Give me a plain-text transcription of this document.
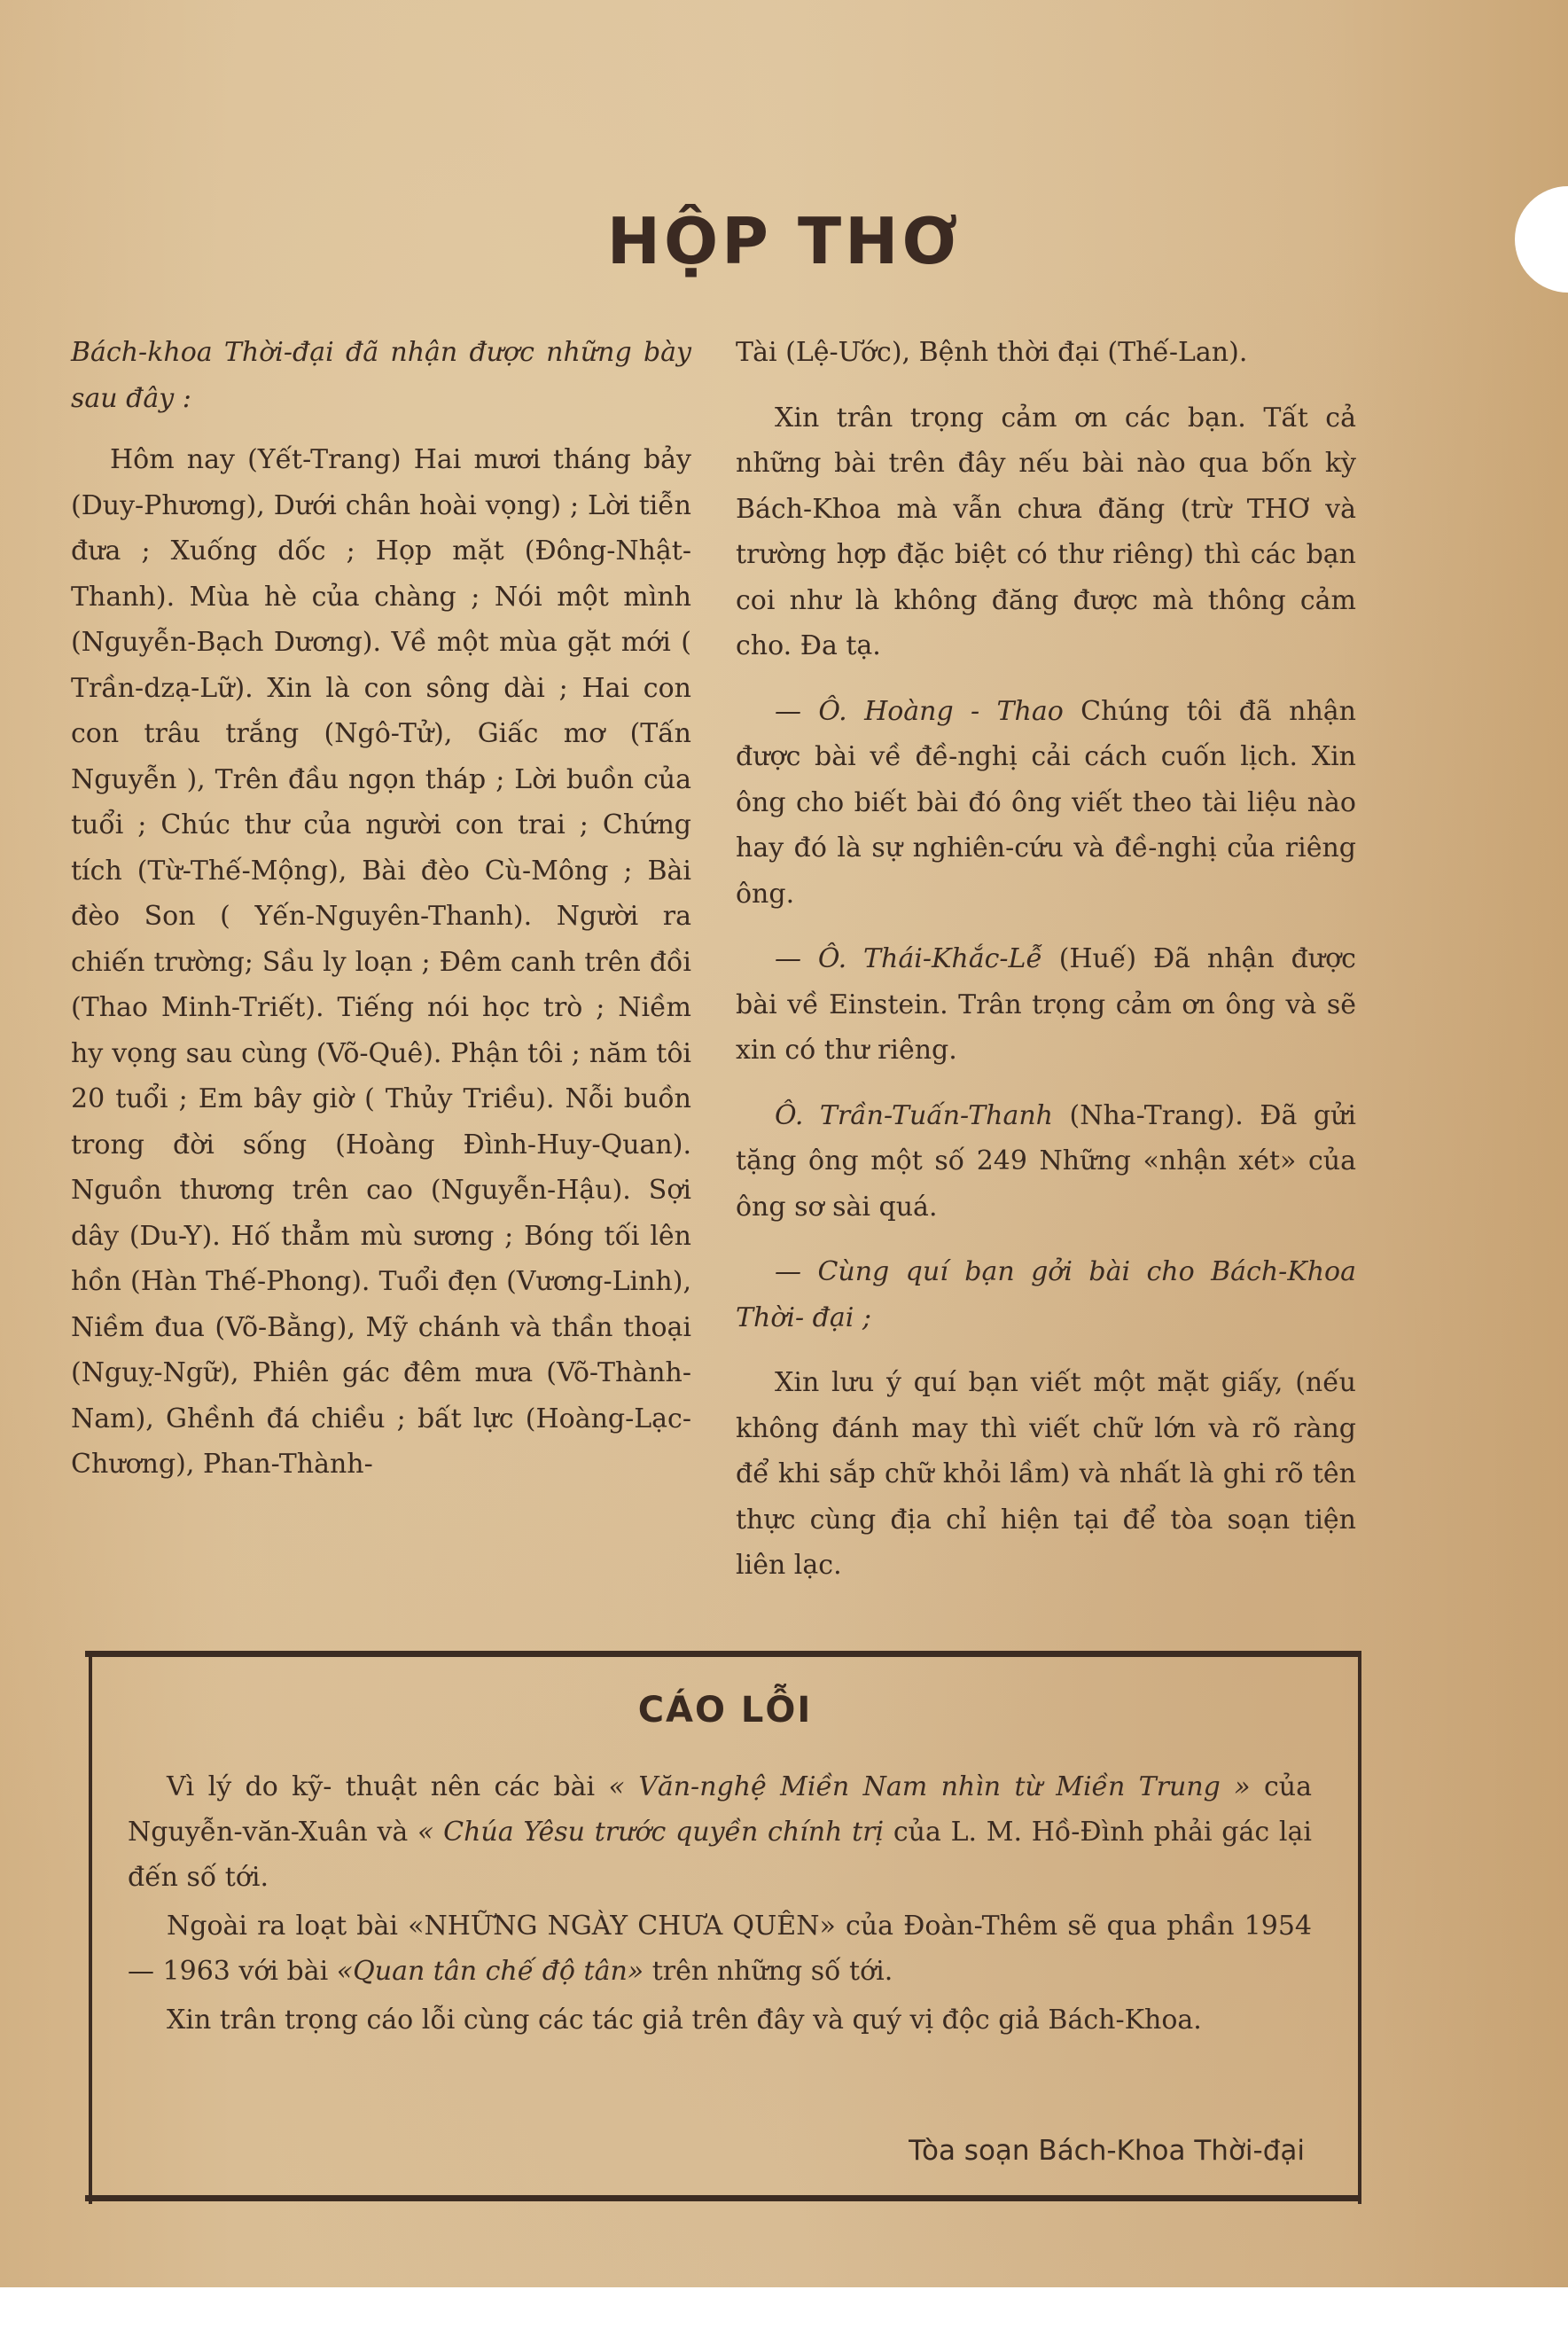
HỘP THƠ

Bách-khoa Thời-đại đã nhận được những bày sau đây :

Hôm nay (Yết-Trang) Hai mươi tháng bảy (Duy-Phương), Dưới chân hoài vọng) ; Lời tiễn đưa ; Xuống dốc ; Họp mặt (Đông-Nhật-Thanh). Mùa hè của chàng ; Nói một mình (Nguyễn-Bạch Dương). Về một mùa gặt mới ( Trần-dzạ-Lữ). Xin là con sông dài ; Hai con con trâu trắng (Ngô-Tử), Giấc mơ (Tấn Nguyễn ), Trên đầu ngọn tháp ; Lời buồn của tuổi ; Chúc thư của người con trai ; Chứng tích (Từ-Thế-Mộng), Bài đèo Cù-Mông ; Bài đèo Son ( Yến-Nguyên-Thanh). Người ra chiến trường; Sầu ly loạn ; Đêm canh trên đồi (Thao Minh-Triết). Tiếng nói học trò ; Niềm hy vọng sau cùng (Võ-Quê). Phận tôi ; năm tôi 20 tuổi ; Em bây giờ ( Thủy Triều). Nỗi buồn trong đời sống (Hoàng Đình-Huy-Quan). Nguồn thương trên cao (Nguyễn-Hậu). Sợi dây (Du-Y). Hố thẳm mù sương ; Bóng tối lên hồn (Hàn Thế-Phong). Tuổi đẹn (Vương-Linh), Niềm đua (Võ-Bằng), Mỹ chánh và thần thoại (Nguỵ-Ngữ), Phiên gác đêm mưa (Võ-Thành-Nam), Ghềnh đá chiều ; bất lực (Hoàng-Lạc-Chương), Phan-Thành-

Tài (Lệ-Ước), Bệnh thời đại (Thế-Lan).

Xin trân trọng cảm ơn các bạn. Tất cả những bài trên đây nếu bài nào qua bốn kỳ Bách-Khoa mà vẫn chưa đăng (trừ THƠ và trường hợp đặc biệt có thư riêng) thì các bạn coi như là không đăng được mà thông cảm cho. Đa tạ.

— Ô. Hoàng - Thao Chúng tôi đã nhận được bài về đề-nghị cải cách cuốn lịch. Xin ông cho biết bài đó ông viết theo tài liệu nào hay đó là sự nghiên-cứu và đề-nghị của riêng ông.

— Ô. Thái-Khắc-Lễ (Huế) Đã nhận được bài về Einstein. Trân trọng cảm ơn ông và sẽ xin có thư riêng.

Ô. Trần-Tuấn-Thanh (Nha-Trang). Đã gửi tặng ông một số 249 Những «nhận xét» của ông sơ sài quá.

— Cùng quí bạn gởi bài cho Bách-Khoa Thời- đại ;

Xin lưu ý quí bạn viết một mặt giấy, (nếu không đánh may thì viết chữ lớn và rõ ràng để khi sắp chữ khỏi lầm) và nhất là ghi rõ tên thực cùng địa chỉ hiện tại để tòa soạn tiện liên lạc.

CÁO LỖI

Vì lý do kỹ- thuật nên các bài « Văn-nghệ Miền Nam nhìn từ Miền Trung » của Nguyễn-văn-Xuân và « Chúa Yêsu trước quyền chính trị của L. M. Hồ-Đình phải gác lại đến số tới.

Ngoài ra loạt bài «NHỮNG NGÀY CHƯA QUÊN» của Đoàn-Thêm sẽ qua phần 1954 — 1963 với bài «Quan tân chế độ tân» trên những số tới.

Xin trân trọng cáo lỗi cùng các tác giả trên đây và quý vị độc giả Bách-Khoa.

Tòa soạn Bách-Khoa Thời-đại
